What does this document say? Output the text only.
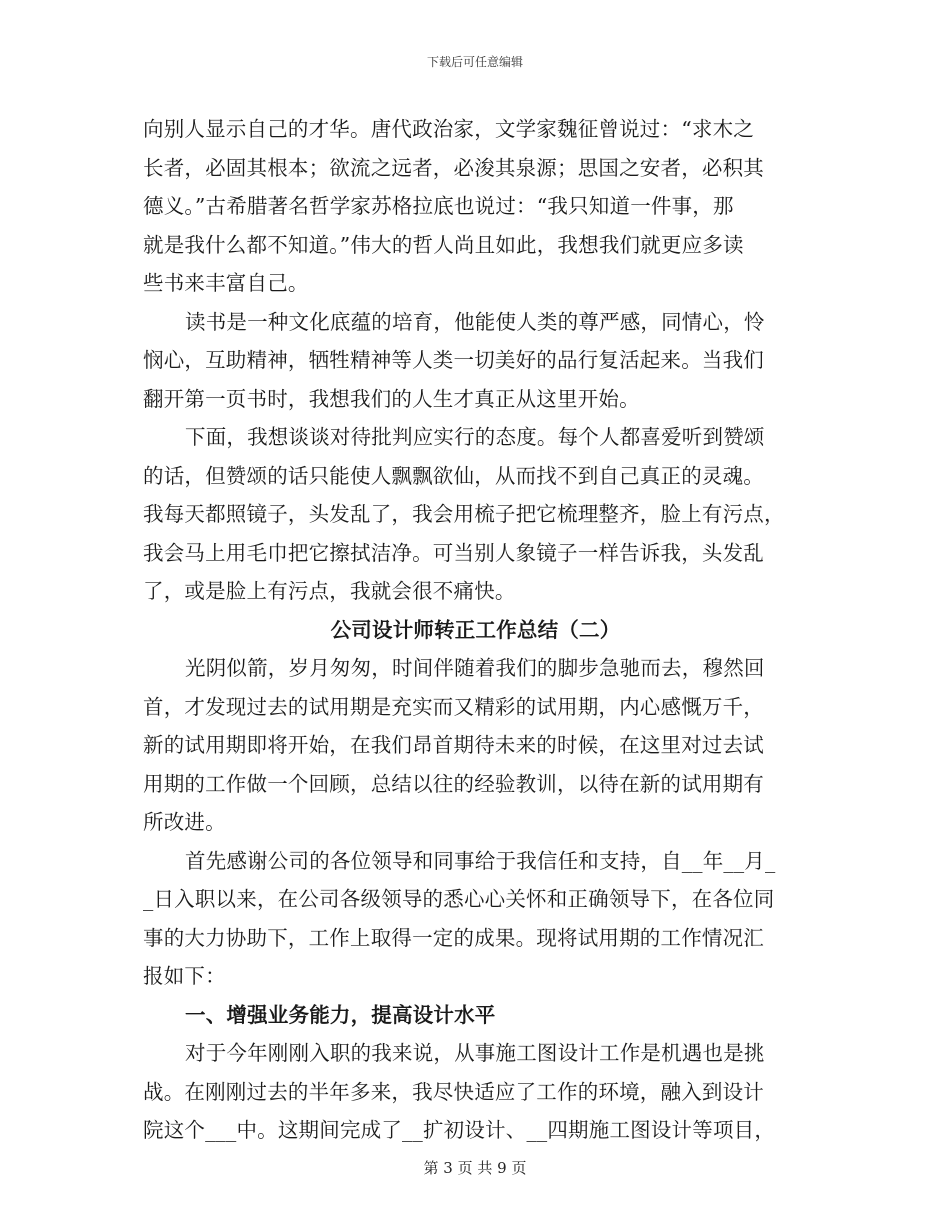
下载后可任意编辑
向别人显示自己的才华。唐代政治家，文学家魏征曾说过：“求木之
长者，必固其根本；欲流之远者，必浚其泉源；思国之安者，必积其
德义。”古希腊著名哲学家苏格拉底也说过：“我只知道一件事，那
就是我什么都不知道。”伟大的哲人尚且如此，我想我们就更应多读
些书来丰富自己。
读书是一种文化底蕴的培育，他能使人类的尊严感，同情心，怜
悯心，互助精神，牺牲精神等人类一切美好的品行复活起来。当我们
翻开第一页书时，我想我们的人生才真正从这里开始。
下面，我想谈谈对待批判应实行的态度。每个人都喜爱听到赞颂
的话，但赞颂的话只能使人飘飘欲仙，从而找不到自己真正的灵魂。
我每天都照镜子，头发乱了，我会用梳子把它梳理整齐，脸上有污点，
我会马上用毛巾把它擦拭洁净。可当别人象镜子一样告诉我，头发乱
了，或是脸上有污点，我就会很不痛快。
公司设计师转正工作总结（二）
光阴似箭，岁月匆匆，时间伴随着我们的脚步急驰而去，穆然回
首，才发现过去的试用期是充实而又精彩的试用期，内心感慨万千，
新的试用期即将开始，在我们昂首期待未来的时候，在这里对过去试
用期的工作做一个回顾，总结以往的经验教训，以待在新的试用期有
所改进。
首先感谢公司的各位领导和同事给于我信任和支持，自__年__月_
_日入职以来，在公司各级领导的悉心心关怀和正确领导下，在各位同
事的大力协助下，工作上取得一定的成果。现将试用期的工作情况汇
报如下：
一、增强业务能力，提高设计水平
对于今年刚刚入职的我来说，从事施工图设计工作是机遇也是挑
战。在刚刚过去的半年多来，我尽快适应了工作的环境，融入到设计
院这个___中。这期间完成了__扩初设计、__四期施工图设计等项目，
第 3 页 共 9 页
